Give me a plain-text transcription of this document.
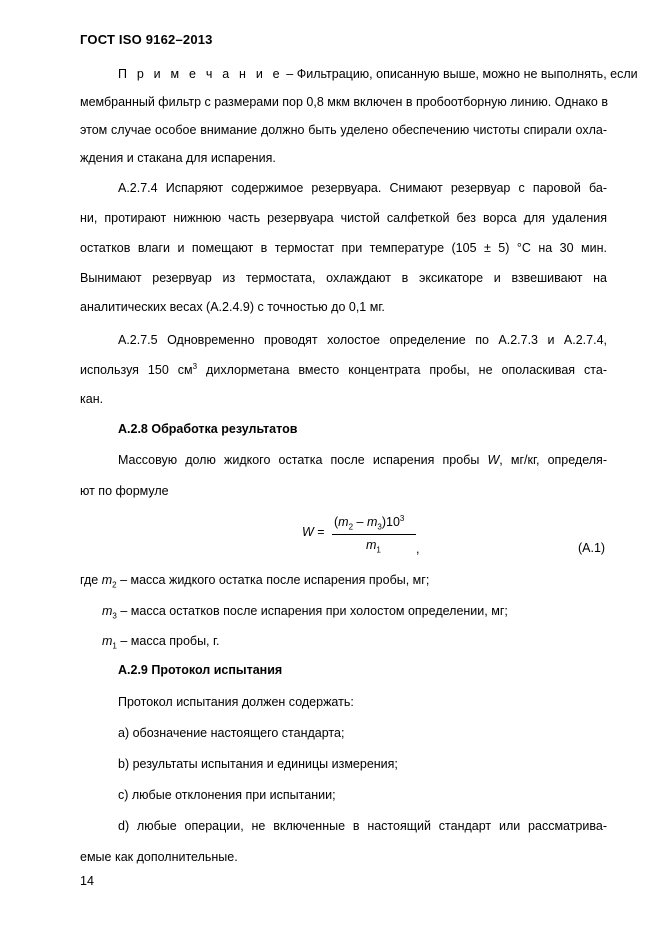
ГОСТ ISO 9162–2013
П р и м е ч а н и е – Фильтрацию, описанную выше, можно не выполнять, если
мембранный фильтр с размерами пор 0,8 мкм включен в пробоотборную линию. Однако в
этом случае особое внимание должно быть уделено обеспечению чистоты спирали охла-
ждения и стакана для испарения.
А.2.7.4 Испаряют содержимое резервуара. Снимают резервуар с паровой ба-
ни, протирают нижнюю часть резервуара чистой салфеткой без ворса для удаления
остатков влаги и помещают в термостат при температуре (105 ± 5) °C на 30 мин.
Вынимают резервуар из термостата, охлаждают в эксикаторе и взвешивают на
аналитических весах (А.2.4.9) с точностью до 0,1 мг.
А.2.7.5 Одновременно проводят холостое определение по А.2.7.3 и А.2.7.4,
используя 150 $см^3$ дихлорметана вместо концентрата пробы, не ополаскивая ста-
кан.
А.2.8 Обработка результатов
Массовую долю жидкого остатка после испарения пробы W, мг/кг, определя-
ют по формуле
W =
$(m_2 - m_3)10^3$
$m_1$	,	(А.1)
где $m_2$ – масса жидкого остатка после испарения пробы, мг;
$m_3$ – масса остатков после испарения при холостом определении, мг;
$m_1$ – масса пробы, г.
А.2.9 Протокол испытания
Протокол испытания должен содержать:
a) обозначение настоящего стандарта;
b) результаты испытания и единицы измерения;
c) любые отклонения при испытании;
d) любые операции, не включенные в настоящий стандарт или рассматрива-
емые как дополнительные.
14
